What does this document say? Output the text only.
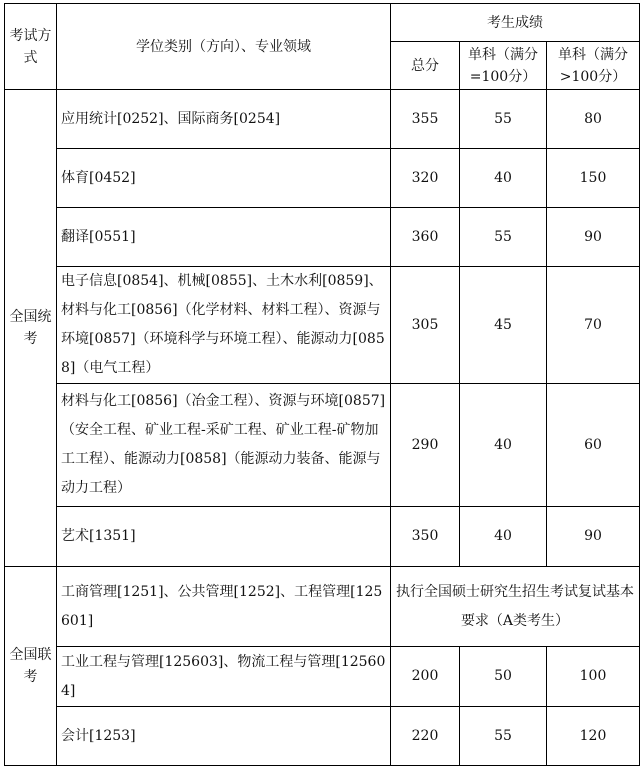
考试方式	学位类别（方向）、专业领域	考生成绩		
		总分	单科（满分=100分）	单科（满分>100分）
全国统考	应用统计[0252]、国际商务[0254]	355	55	80
	体育[0452]	320	40	150
	翻译[0551]	360	55	90
	电子信息[0854]、机械[0855]、土木水利[0859]、材料与化工[0856]（化学材料、材料工程）、资源与环境[0857]（环境科学与环境工程）、能源动力[0858]（电气工程）	305	45	70
	材料与化工[0856]（冶金工程）、资源与环境[0857]（安全工程、矿业工程-采矿工程、矿业工程-矿物加工工程）、能源动力[0858]（能源动力装备、能源与动力工程）	290	40	60
	艺术[1351]	350	40	90
全国联考	工商管理[1251]、公共管理[1252]、工程管理[125601]	执行全国硕士研究生招生考试复试基本要求（A类考生）		
	工业工程与管理[125603]、物流工程与管理[125604]	200	50	100
	会计[1253]	220	55	120
